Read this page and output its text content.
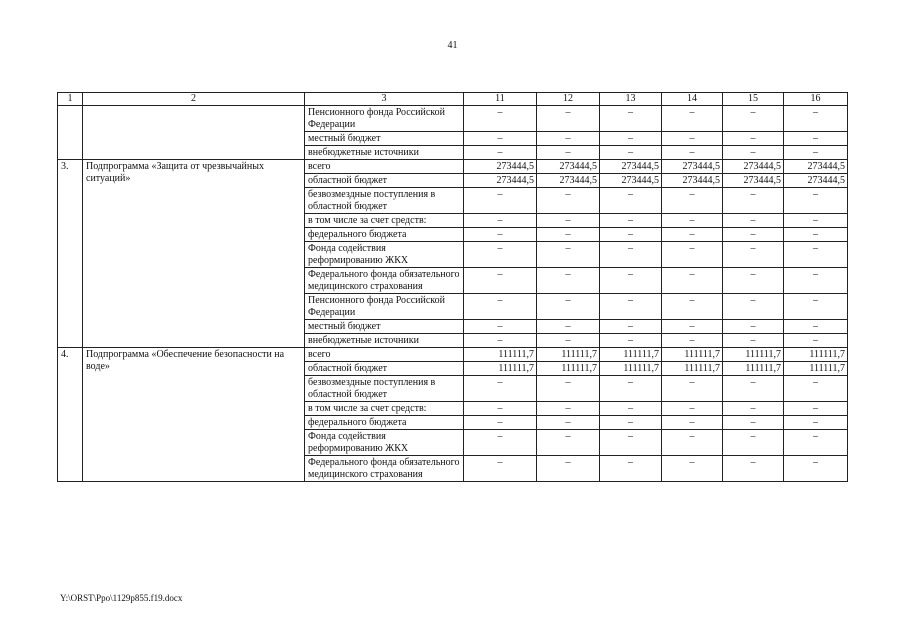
41
1	2	3	11	12	13	14	15	16
		Пенсионного фонда Российской Федерации	–	–	–	–	–	–
		местный бюджет	–	–	–	–	–	–
		внебюджетные источники	–	–	–	–	–	–
3.	Подпрограмма «Защита от чрезвычайных ситуаций»	всего	273444,5	273444,5	273444,5	273444,5	273444,5	273444,5
		областной бюджет	273444,5	273444,5	273444,5	273444,5	273444,5	273444,5
		безвозмездные поступления в областной бюджет	–	–	–	–	–	–
		в том числе за счет средств:	–	–	–	–	–	–
		федерального бюджета	–	–	–	–	–	–
		Фонда содействия реформированию ЖКХ	–	–	–	–	–	–
		Федерального фонда обязательного медицинского страхования	–	–	–	–	–	–
		Пенсионного фонда Российской Федерации	–	–	–	–	–	–
		местный бюджет	–	–	–	–	–	–
		внебюджетные источники	–	–	–	–	–	–
4.	Подпрограмма «Обеспечение безопасности на воде»	всего	111111,7	111111,7	111111,7	111111,7	111111,7	111111,7
		областной бюджет	111111,7	111111,7	111111,7	111111,7	111111,7	111111,7
		безвозмездные поступления в областной бюджет	–	–	–	–	–	–
		в том числе за счет средств:	–	–	–	–	–	–
		федерального бюджета	–	–	–	–	–	–
		Фонда содействия реформированию ЖКХ	–	–	–	–	–	–
		Федерального фонда обязательного медицинского страхования	–	–	–	–	–	–
Y:\ORST\Ppo\1129p855.f19.docx
